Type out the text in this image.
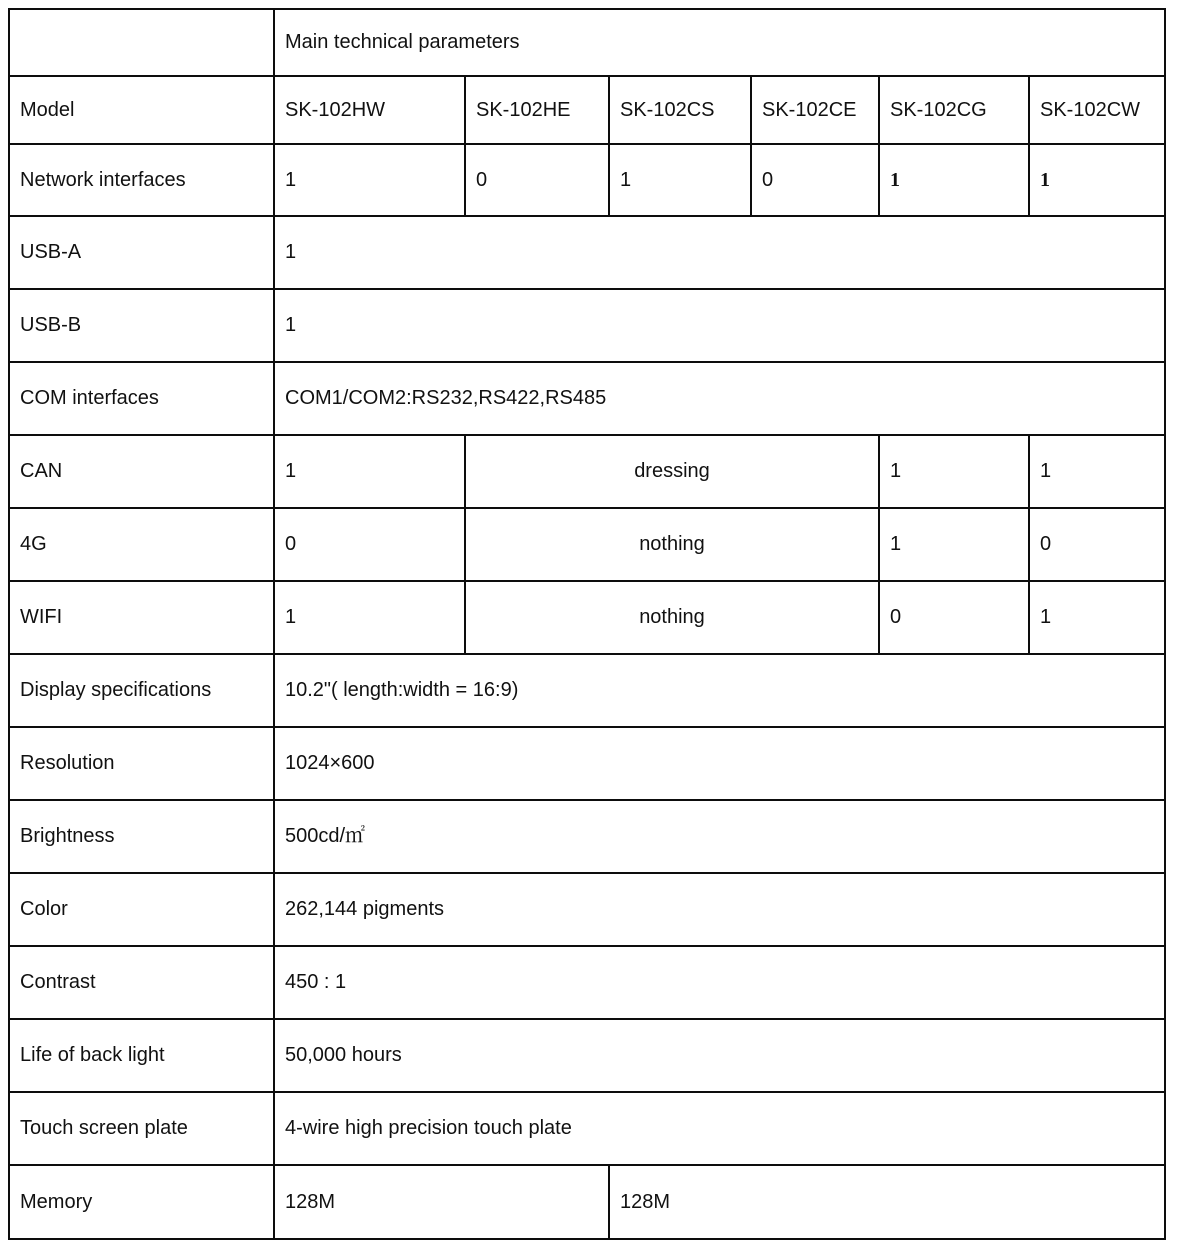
	Main technical parameters					
Model	SK-102HW	SK-102HE	SK-102CS	SK-102CE	SK-102CG	SK-102CW
Network interfaces	1	0	1	0	1	1
USB-A	1					
USB-B	1					
COM interfaces	COM1/COM2:RS232,RS422,RS485					
CAN	1	dressing			1	1
4G	0	nothing			1	0
WIFI	1	nothing			0	1
Display specifications	10.2"( length:width = 16:9)					
Resolution	1024×600					
Brightness	500cd/㎡					
Color	262,144 pigments					
Contrast	450 : 1					
Life of back light	50,000 hours					
Touch screen plate	4-wire high precision touch plate					
Memory	128M		128M			
